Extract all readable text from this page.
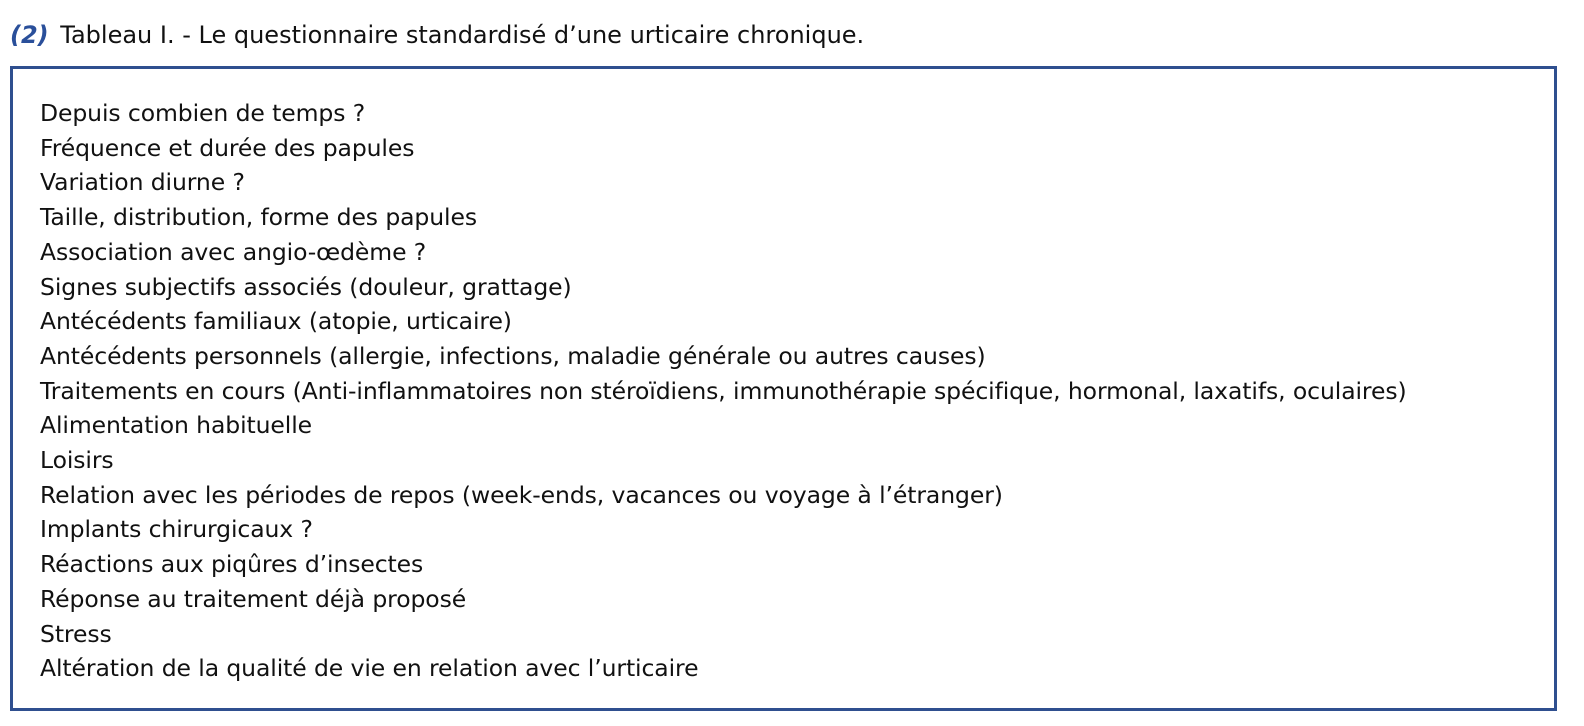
(2) Tableau I. - Le questionnaire standardisé d’une urticaire chronique.
Depuis combien de temps ?
Fréquence et durée des papules
Variation diurne ?
Taille, distribution, forme des papules
Association avec angio-œdème ?
Signes subjectifs associés (douleur, grattage)
Antécédents familiaux (atopie, urticaire)
Antécédents personnels (allergie, infections, maladie générale ou autres causes)
Traitements en cours (Anti-inflammatoires non stéroïdiens, immunothérapie spécifique, hormonal, laxatifs, oculaires)
Alimentation habituelle
Loisirs
Relation avec les périodes de repos (week-ends, vacances ou voyage à l’étranger)
Implants chirurgicaux ?
Réactions aux piqûres d’insectes
Réponse au traitement déjà proposé
Stress
Altération de la qualité de vie en relation avec l’urticaire
